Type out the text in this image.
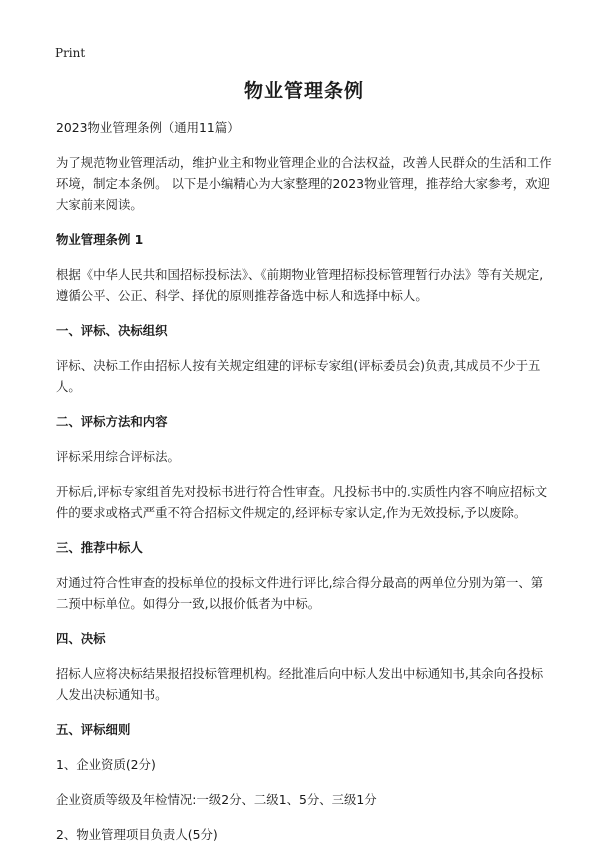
Print
物业管理条例

2023物业管理条例（通用11篇）

为了规范物业管理活动，维护业主和物业管理企业的合法权益，改善人民群众的生活和工作环境，制定本条例。 以下是小编精心为大家整理的2023物业管理，推荐给大家参考，欢迎大家前来阅读。

物业管理条例 1

根据《中华人民共和国招标投标法》、《前期物业管理招标投标管理暂行办法》等有关规定,遵循公平、公正、科学、择优的原则推荐备选中标人和选择中标人。

一、评标、决标组织

评标、决标工作由招标人按有关规定组建的评标专家组(评标委员会)负责,其成员不少于五人。

二、评标方法和内容

评标采用综合评标法。

开标后,评标专家组首先对投标书进行符合性审查。凡投标书中的.实质性内容不响应招标文件的要求或格式严重不符合招标文件规定的,经评标专家认定,作为无效投标,予以废除。

三、推荐中标人

对通过符合性审查的投标单位的投标文件进行评比,综合得分最高的两单位分别为第一、第二预中标单位。如得分一致,以报价低者为中标。

四、决标

招标人应将决标结果报招投标管理机构。经批准后向中标人发出中标通知书,其余向各投标人发出决标通知书。

五、评标细则

1、企业资质(2分)

企业资质等级及年检情况:一级2分、二级1、5分、三级1分

2、物业管理项目负责人(5分)
